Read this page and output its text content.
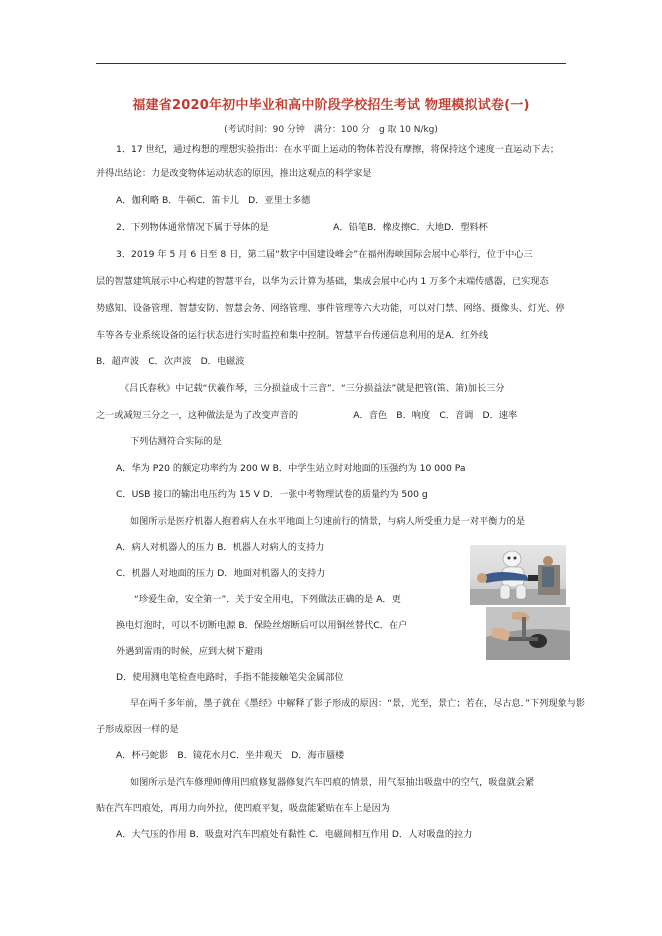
福建省2020年初中毕业和高中阶段学校招生考试 物理模拟试卷(一)
(考试时间：90 分钟　满分：100 分　g 取 10 N/kg)
1．17 世纪，通过构想的理想实验指出：在水平面上运动的物体若没有摩擦，将保持这个速度一直运动下去；
并得出结论：力是改变物体运动状态的原因，推出这观点的科学家是
A．伽利略 B．牛顿C．笛卡儿　D．亚里士多德
2．下列物体通常情况下属于导体的是　　　　　　　A．铅笔B．橡皮擦C．大地D．塑料杯
3．2019 年 5 月 6 日至 8 日，第二届“数字中国建设峰会”在福州海峡国际会展中心举行，位于中心三
层的智慧建筑展示中心构建的智慧平台，以华为云计算为基础，集成会展中心内 1 万多个末端传感器，已实现态
势感知、设备管理、智慧安防、智慧会务、网络管理、事件管理等六大功能，可以对门禁、网络、摄像头、灯光、停
车等各专业系统设备的运行状态进行实时监控和集中控制。智慧平台传递信息利用的是A．红外线
B．超声波　C．次声波　D．电磁波
《吕氏春秋》中记载“伏羲作琴，三分损益成十三音”．“三分损益法”就是把管(笛、箫)加长三分
之一或减短三分之一，这种做法是为了改变声音的　　　　　　A．音色　B．响度　C．音调　D．速率
下列估测符合实际的是
A．华为 P20 的额定功率约为 200 W B．中学生站立时对地面的压强约为 10 000 Pa
C．USB 接口的输出电压约为 15 V D．一张中考物理试卷的质量约为 500 g
如图所示是医疗机器人抱着病人在水平地面上匀速前行的情景，与病人所受重力是一对平衡力的是
A．病人对机器人的压力 B．机器人对病人的支持力
C．机器人对地面的压力 D．地面对机器人的支持力
“珍爱生命，安全第一”．关于安全用电，下列做法正确的是 A．更
换电灯泡时，可以不切断电源 B．保险丝熔断后可以用铜丝替代C．在户
外遇到雷雨的时候，应到大树下避雨
D．使用测电笔检查电路时，手指不能接触笔尖金属部位
早在两千多年前，墨子就在《墨经》中解释了影子形成的原因：“景，光至，景亡；若在，尽古息．”下列现象与影
子形成原因一样的是
A．杯弓蛇影　B．镜花水月C．坐井观天　D．海市蜃楼
如图所示是汽车修理师傅用凹痕修复器修复汽车凹痕的情景，用气泵抽出吸盘中的空气，吸盘就会紧
贴在汽车凹痕处，再用力向外拉，使凹痕平复，吸盘能紧贴在车上是因为
A．大气压的作用 B．吸盘对汽车凹痕处有黏性 C．电磁间相互作用 D．人对吸盘的拉力
